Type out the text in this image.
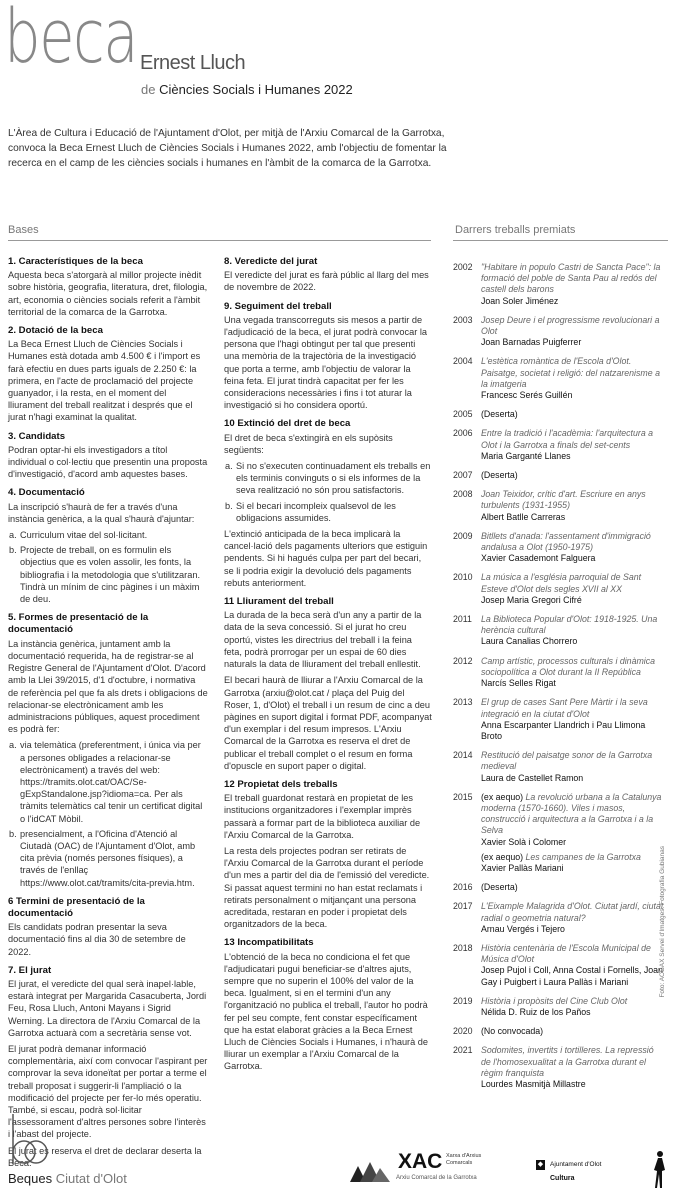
beca Ernest Lluch
de Ciències Socials i Humanes 2022
L'Àrea de Cultura i Educació de l'Ajuntament d'Olot, per mitjà de l'Arxiu Comarcal de la Garrotxa, convoca la Beca Ernest Lluch de Ciències Socials i Humanes 2022, amb l'objectiu de fomentar la recerca en el camp de les ciències socials i humanes en l'àmbit de la comarca de la Garrotxa.
Bases	Darrers treballs premiats
1. Característiques de la beca

Aquesta beca s'atorgarà al millor projecte inèdit sobre història, geografia, literatura, dret, filologia, art, economia o ciències socials referit a l'àmbit territorial de la comarca de la Garrotxa.

2. Dotació de la beca

La Beca Ernest Lluch de Ciències Socials i Humanes està dotada amb 4.500 € i l'import es farà efectiu en dues parts iguals de 2.250 €: la primera, en l'acte de proclamació del projecte guanyador, i la resta, en el moment del lliurament del treball realitzat i després que el jurat n'hagi examinat la qualitat.

3. Candidats

Podran optar-hi els investigadors a títol individual o col·lectiu que presentin una proposta d'investigació, d'acord amb aquestes bases.

4. Documentació

La inscripció s'haurà de fer a través d'una instància genèrica, a la qual s'haurà d'ajuntar:

a. Curriculum vitae del sol·licitant.
b. Projecte de treball, on es formulin els objectius que es volen assolir, les fonts, la bibliografia i la metodologia que s'utilitzaran. Tindrà un mínim de cinc pàgines i un màxim de deu.
5. Formes de presentació de la documentació

La instància genèrica, juntament amb la documentació requerida, ha de registrar-se al Registre General de l'Ajuntament d'Olot. D'acord amb la Llei 39/2015, d'1 d'octubre, i normativa de referència pel que fa als drets i obligacions de relacionar-se electrònicament amb les administracions públiques, aquest procediment es podrà fer:

a. via telemàtica (preferentment, i única via per a persones obligades a relacionar-se electrònicament) a través del web: https://tramits.olot.cat/OAC/Se-gExpStandalone.jsp?idioma=ca. Per als tràmits telemàtics cal tenir un certificat digital o l'idCAT Mòbil.
b. presencialment, a l'Oficina d'Atenció al Ciutadà (OAC) de l'Ajuntament d'Olot, amb cita prèvia (només persones físiques), a través de l'enllaç https://www.olot.cat/tramits/cita-previa.htm.
6 Termini de presentació de la documentació

Els candidats podran presentar la seva documentació fins al dia 30 de setembre de 2022.

7. El jurat

El jurat, el veredicte del qual serà inapel·lable, estarà integrat per Margarida Casacuberta, Jordi Feu, Rosa Lluch, Antoni Mayans i Sigrid Werning. La directora de l'Arxiu Comarcal de la Garrotxa actuarà com a secretària sense vot.

El jurat podrà demanar informació complementària, així com convocar l'aspirant per comprovar la seva idoneïtat per portar a terme el treball proposat i suggerir-li l'ampliació o la modificació del projecte per fer-lo més operatiu. També, si escau, podrà sol·licitar l'assessorament d'altres persones sobre l'interès i l'abast del projecte.

El jurat es reserva el dret de declarar deserta la Beca.

8. Veredicte del jurat

El veredicte del jurat es farà públic al llarg del mes de novembre de 2022.

9. Seguiment del treball

Una vegada transcorreguts sis mesos a partir de l'adjudicació de la beca, el jurat podrà convocar la persona que l'hagi obtingut per tal que presenti una memòria de la trajectòria de la investigació que porta a terme, amb l'objectiu de valorar la feina feta. El jurat tindrà capacitat per fer les consideracions necessàries i fins i tot aturar la investigació si ho considera oportú.

10 Extinció del dret de beca

El dret de beca s'extingirà en els supòsits següents:

a. Si no s'executen continuadament els treballs en els terminis convinguts o si els informes de la seva realització no són prou satisfactoris.
b. Si el becari incompleix qualsevol de les obligacions assumides.

L'extinció anticipada de la beca implicarà la cancel·lació dels pagaments ulteriors que estiguin pendents. Si hi hagués culpa per part del becari, se li podria exigir la devolució dels pagaments rebuts anteriorment.

11 Lliurament del treball

La durada de la beca serà d'un any a partir de la data de la seva concessió. Si el jurat ho creu oportú, vistes les directrius del treball i la feina feta, podrà prorrogar per un espai de 60 dies naturals la data de lliurament del treball enllestit.

El becari haurà de lliurar a l'Arxiu Comarcal de la Garrotxa (arxiu@olot.cat / plaça del Puig del Roser, 1, d'Olot) el treball i un resum de cinc a deu pàgines en suport digital i format PDF, acompanyat d'un exemplar i del resum impresos. L'Arxiu Comarcal de la Garrotxa es reserva el dret de publicar el treball complet o el resum en forma d'opuscle en suport paper o digital.

12 Propietat dels treballs

El treball guardonat restarà en propietat de les institucions organitzadores i l'exemplar imprès passarà a formar part de la biblioteca auxiliar de l'Arxiu Comarcal de la Garrotxa.

La resta dels projectes podran ser retirats de l'Arxiu Comarcal de la Garrotxa durant el període d'un mes a partir del dia de l'emissió del veredicte. Si passat aquest termini no han estat reclamats i retirats personalment o mitjançant una persona acreditada, restaran en poder i propietat dels organitzadors de la beca.

13 Incompatibilitats

L'obtenció de la beca no condiciona el fet que l'adjudicatari pugui beneficiar-se d'altres ajuts, sempre que no superin el 100% del valor de la beca. Igualment, si en el termini d'un any l'organització no publica el treball, l'autor ho podrà fer pel seu compte, fent constar específicament que ha estat elaborat gràcies a la Beca Ernest Lluch de Ciències Socials i Humanes, i n'haurà de lliurar un exemplar a l'Arxiu Comarcal de la Garrotxa.

2002 "Habitare in populo Castri de Sancta Pace": la formació del poble de Santa Pau al redós del castell dels barons
Joan Soler Jiménez
2003 Josep Deure i el progressisme revolucionari a Olot
Joan Barnadas Puigferrer
2004 L'estètica romàntica de l'Escola d'Olot. Paisatge, societat i religió: del natzarenisme a la imatgeria
Francesc Serés Guillén
2005 (Deserta)
2006 Entre la tradició i l'acadèmia: l'arquitectura a Olot i la Garrotxa a finals del set-cents
Maria Garganté Llanes
2007 (Deserta)
2008 Joan Teixidor, crític d'art. Escriure en anys turbulents (1931-1955)
Albert Batlle Carreras
2009 Bitllets d'anada: l'assentament d'immigració andalusa a Olot (1950-1975)
Xavier Casademont Falguera
2010 La música a l'església parroquial de Sant Esteve d'Olot dels segles XVII al XX
Josep Maria Gregori Cifré
2011	La Biblioteca Popular d'Olot: 1918-1925. Una herència cultural
Laura Canalias Chorrero
2012 Camp artístic, processos culturals i dinàmica sociopolítica a Olot durant la II República
Narcís Selles Rigat
2013 El grup de cases Sant Pere Màrtir i la seva integració en la ciutat d'Olot
Anna Escarpanter Llandrich i Pau Llimona Broto
2014 Restitució del paisatge sonor de la Garrotxa medieval
Laura de Castellet Ramon
2015 (ex aequo) La revolució urbana a la Catalunya moderna (1570-1660). Viles i masos, construcció i arquitectura a la Garrotxa i a la Selva
Xavier Solà i Colomer
(ex aequo) Les campanes de la Garrotxa
Xavier Pallàs Mariani
2016 (Deserta)
2017 L'Eixample Malagrida d'Olot. Ciutat jardí, ciutat radial o geometria natural?
Arnau Vergés i Tejero
2018 Història centenària de l'Escola Municipal de Música d'Olot
Josep Pujol i Coll, Anna Costal i Fornells, Joan Gay i Puigbert i Laura Pallàs i Mariani
2019 Història i propòsits del Cine Club Olot
Nélida D. Ruiz de los Paños
2020 (No convocada)
2021 Sodomites, invertits i tortilleres. La repressió de l'homosexualitat a la Garrotxa durant el règim franquista
Lourdes Masmitjà Millastre
Foto: ACGAX Servei d'Imatges. Fotografia Gubianas
Beques Ciutat d'Olot
XAC Xarxa d'Arxius Comarcals
Arxiu Comarcal de la Garrotxa
◆ Ajuntament d'Olot
Cultura
